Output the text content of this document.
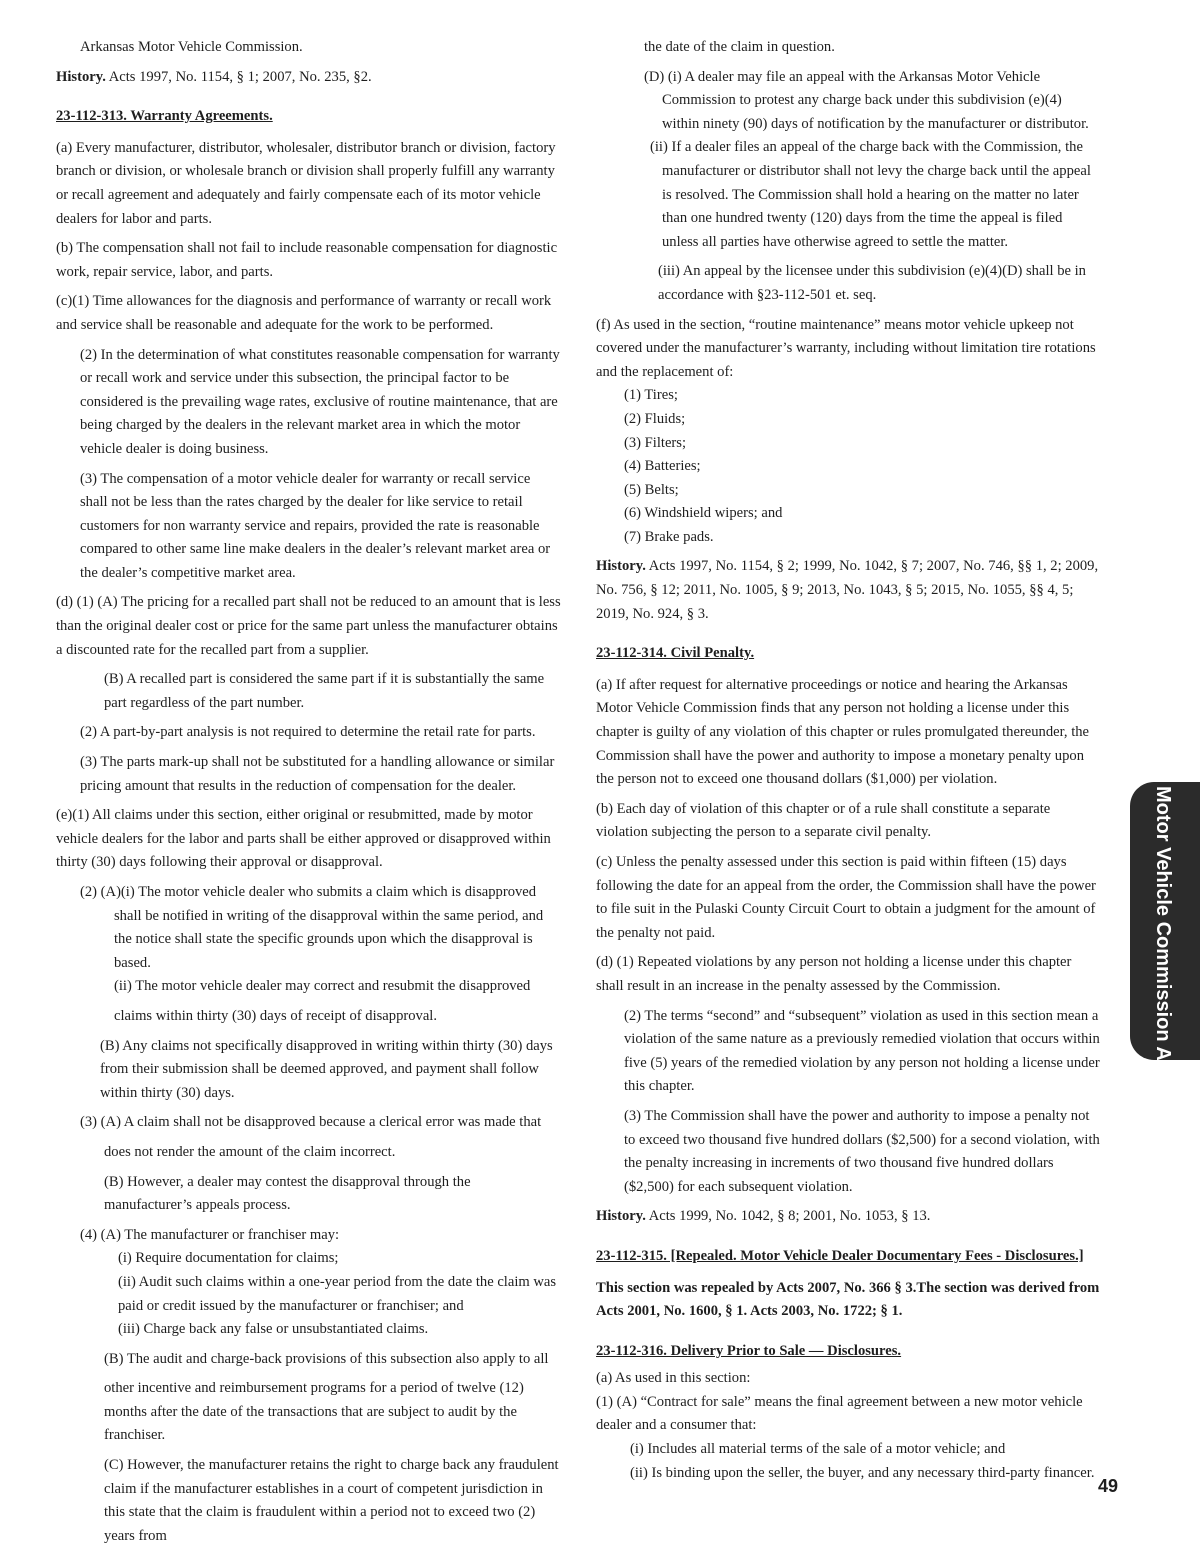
Arkansas Motor Vehicle Commission.

History. Acts 1997, No. 1154, § 1; 2007, No. 235, §2.

23-112-313. Warranty Agreements.

(a) Every manufacturer, distributor, wholesaler, distributor branch or division, factory branch or division, or wholesale branch or division shall properly fulfill any warranty or recall agreement and adequately and fairly compensate each of its motor vehicle dealers for labor and parts.

(b) The compensation shall not fail to include reasonable compensation for diagnostic work, repair service, labor, and parts.

(c)(1) Time allowances for the diagnosis and performance of warranty or recall work and service shall be reasonable and adequate for the work to be performed.

(2) In the determination of what constitutes reasonable compensation for warranty or recall work and service under this subsection, the principal factor to be considered is the prevailing wage rates, exclusive of routine maintenance, that are being charged by the dealers in the relevant market area in which the motor vehicle dealer is doing business.

(3) The compensation of a motor vehicle dealer for warranty or recall service shall not be less than the rates charged by the dealer for like service to retail customers for non warranty service and repairs, provided the rate is reasonable compared to other same line make dealers in the dealer’s relevant market area or the dealer’s competitive market area.

(d) (1) (A) The pricing for a recalled part shall not be reduced to an amount that is less than the original dealer cost or price for the same part unless the manufacturer obtains a discounted rate for the recalled part from a supplier.

(B) A recalled part is considered the same part if it is substantially the same part regardless of the part number.

(2) A part-by-part analysis is not required to determine the retail rate for parts.

(3) The parts mark-up shall not be substituted for a handling allowance or similar pricing amount that results in the reduction of compensation for the dealer.

(e)(1) All claims under this section, either original or resubmitted, made by motor vehicle dealers for the labor and parts shall be either approved or disapproved within thirty (30) days following their approval or disapproval.

(2) (A)(i) The motor vehicle dealer who submits a claim which is disapproved shall be notified in writing of the disapproval within the same period, and the notice shall state the specific grounds upon which the disapproval is based.

(ii) The motor vehicle dealer may correct and resubmit the disapproved

claims within thirty (30) days of receipt of disapproval.

(B) Any claims not specifically disapproved in writing within thirty (30) days from their submission shall be deemed approved, and payment shall follow within thirty (30) days.

(3) (A) A claim shall not be disapproved because a clerical error was made that

does not render the amount of the claim incorrect.

(B) However, a dealer may contest the disapproval through the manufacturer’s appeals process.

(4) (A) The manufacturer or franchiser may:

(i) Require documentation for claims;

(ii) Audit such claims within a one-year period from the date the claim was paid or credit issued by the manufacturer or franchiser; and

(iii) Charge back any false or unsubstantiated claims.

(B) The audit and charge-back provisions of this subsection also apply to all

other incentive and reimbursement programs for a period of twelve (12) months after the date of the transactions that are subject to audit by the franchiser.

(C) However, the manufacturer retains the right to charge back any fraudulent claim if the manufacturer establishes in a court of competent jurisdiction in this state that the claim is fraudulent within a period not to exceed two (2) years from

the date of the claim in question.

(D) (i) A dealer may file an appeal with the Arkansas Motor Vehicle Commission to protest any charge back under this subdivision (e)(4) within ninety (90) days of notification by the manufacturer or distributor.

(ii) If a dealer files an appeal of the charge back with the Commission, the manufacturer or distributor shall not levy the charge back until the appeal is resolved. The Commission shall hold a hearing on the matter no later than one hundred twenty (120) days from the time the appeal is filed unless all parties have otherwise agreed to settle the matter.

(iii) An appeal by the licensee under this subdivision (e)(4)(D) shall be in accordance with §23-112-501 et. seq.

(f) As used in the section, “routine maintenance” means motor vehicle upkeep not covered under the manufacturer’s warranty, including without limitation tire rotations and the replacement of:

(1) Tires;
(2) Fluids;
(3) Filters;
(4) Batteries;
(5) Belts;
(6) Windshield wipers; and
(7) Brake pads.

History. Acts 1997, No. 1154, § 2; 1999, No. 1042, § 7; 2007, No. 746, §§ 1, 2; 2009, No. 756, § 12; 2011, No. 1005, § 9; 2013, No. 1043, § 5; 2015, No. 1055, §§ 4, 5; 2019, No. 924, § 3.

23-112-314. Civil Penalty.

(a) If after request for alternative proceedings or notice and hearing the Arkansas Motor Vehicle Commission finds that any person not holding a license under this chapter is guilty of any violation of this chapter or rules promulgated thereunder, the Commission shall have the power and authority to impose a monetary penalty upon the person not to exceed one thousand dollars ($1,000) per violation.

(b) Each day of violation of this chapter or of a rule shall constitute a separate violation subjecting the person to a separate civil penalty.

(c) Unless the penalty assessed under this section is paid within fifteen (15) days following the date for an appeal from the order, the Commission shall have the power to file suit in the Pulaski County Circuit Court to obtain a judgment for the amount of the penalty not paid.

(d) (1) Repeated violations by any person not holding a license under this chapter shall result in an increase in the penalty assessed by the Commission.

(2) The terms “second” and “subsequent” violation as used in this section mean a violation of the same nature as a previously remedied violation that occurs within five (5) years of the remedied violation by any person not holding a license under this chapter.

(3) The Commission shall have the power and authority to impose a penalty not to exceed two thousand five hundred dollars ($2,500) for a second violation, with the penalty increasing in increments of two thousand five hundred dollars ($2,500) for each subsequent violation.

History. Acts 1999, No. 1042, § 8; 2001, No. 1053, § 13.

23-112-315. [Repealed. Motor Vehicle Dealer Documentary Fees - Disclosures.]

This section was repealed by Acts 2007, No. 366 § 3.The section was derived from Acts 2001, No. 1600, § 1. Acts 2003, No. 1722; § 1.

23-112-316. Delivery Prior to Sale — Disclosures.

(a) As used in this section:

(1) (A) “Contract for sale” means the final agreement between a new motor vehicle dealer and a consumer that:

(i) Includes all material terms of the sale of a motor vehicle; and

(ii) Is binding upon the seller, the buyer, and any necessary third-party financer.

Motor Vehicle Commission Act
49
